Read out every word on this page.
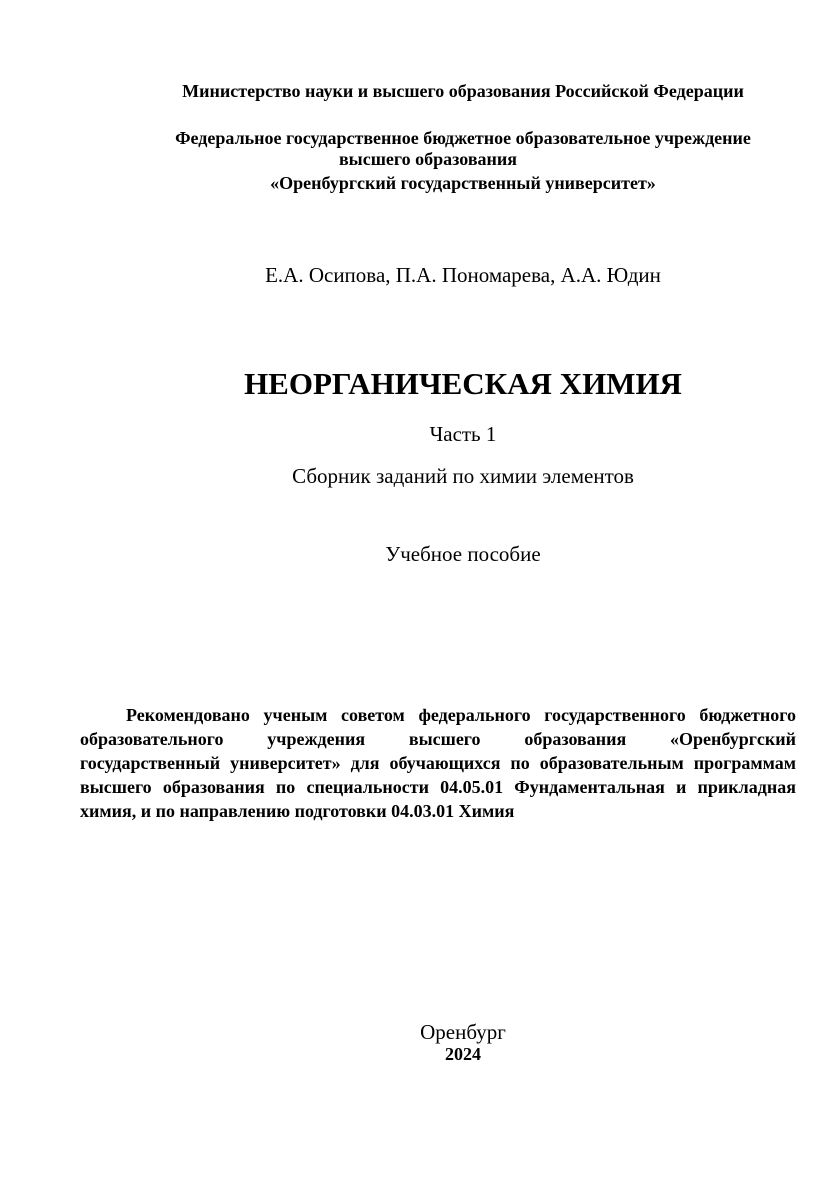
Министерство науки и высшего образования Российской Федерации
Федеральное государственное бюджетное образовательное учреждение
высшего образования
«Оренбургский государственный университет»
Е.А. Осипова, П.А. Пономарева, А.А. Юдин
НЕОРГАНИЧЕСКАЯ ХИМИЯ
Часть 1
Сборник заданий по химии элементов
Учебное пособие
Рекомендовано ученым советом федерального государственного бюджетного
образовательного учреждения высшего образования «Оренбургский
государственный университет» для обучающихся по образовательным программам
высшего образования по специальности 04.05.01 Фундаментальная и прикладная
химия, и по направлению подготовки 04.03.01 Химия
Оренбург
2024
